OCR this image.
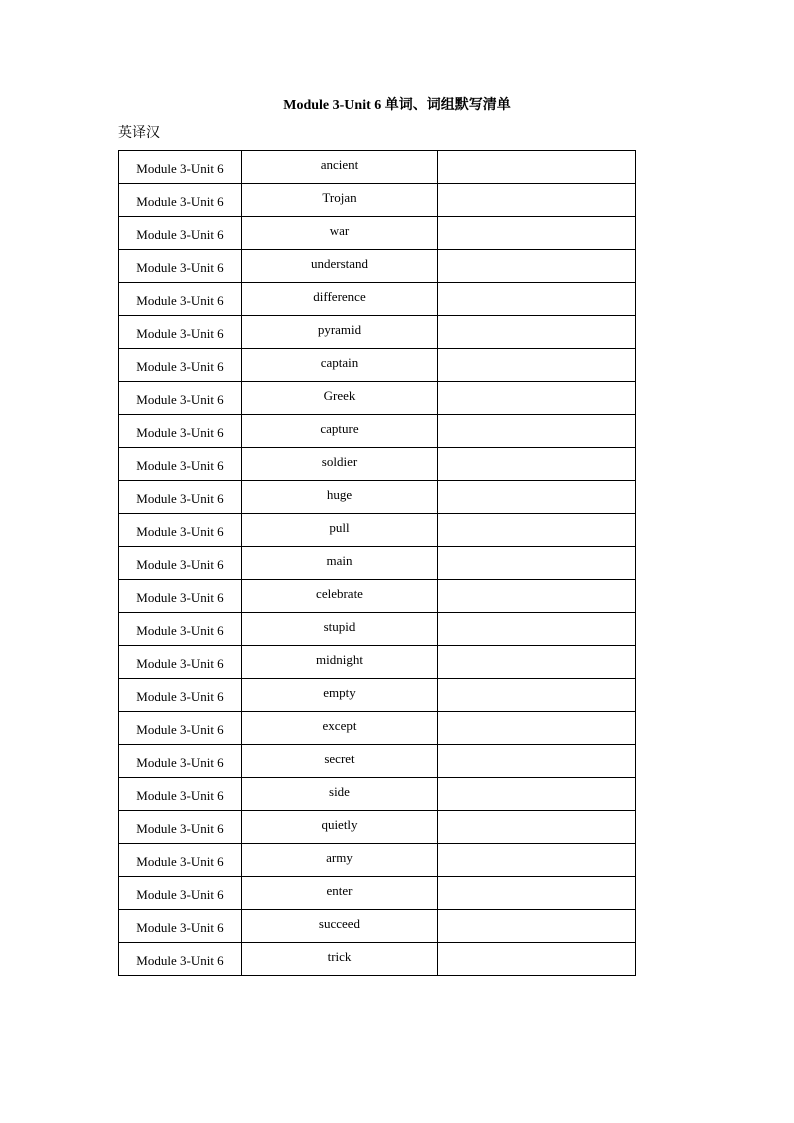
Module 3-Unit 6 单词、词组默写清单
英译汉
Module 3-Unit 6	ancient	
Module 3-Unit 6	Trojan	
Module 3-Unit 6	war	
Module 3-Unit 6	understand	
Module 3-Unit 6	difference	
Module 3-Unit 6	pyramid	
Module 3-Unit 6	captain	
Module 3-Unit 6	Greek	
Module 3-Unit 6	capture	
Module 3-Unit 6	soldier	
Module 3-Unit 6	huge	
Module 3-Unit 6	pull	
Module 3-Unit 6	main	
Module 3-Unit 6	celebrate	
Module 3-Unit 6	stupid	
Module 3-Unit 6	midnight	
Module 3-Unit 6	empty	
Module 3-Unit 6	except	
Module 3-Unit 6	secret	
Module 3-Unit 6	side	
Module 3-Unit 6	quietly	
Module 3-Unit 6	army	
Module 3-Unit 6	enter	
Module 3-Unit 6	succeed	
Module 3-Unit 6	trick	
